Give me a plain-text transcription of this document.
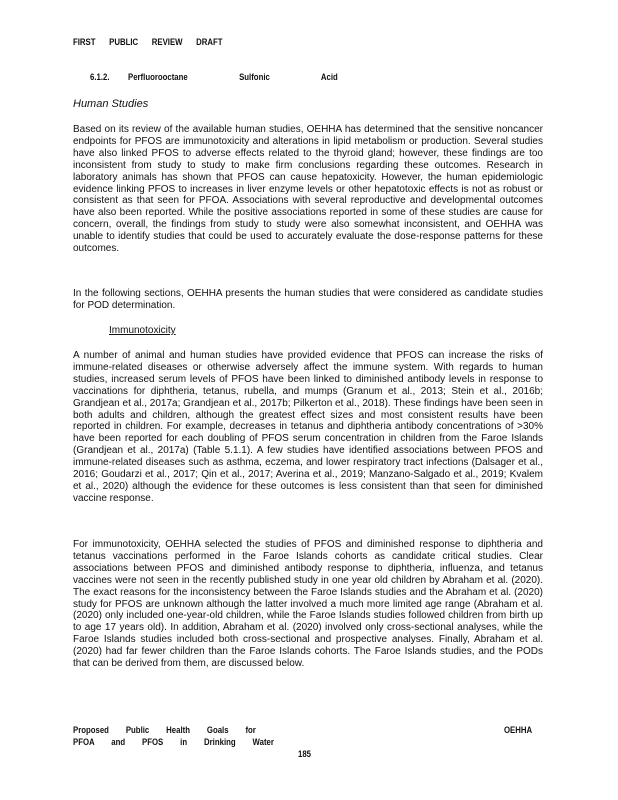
FIRST PUBLIC REVIEW DRAFT
6.1.2. Perfluorooctane Sulfonic Acid
Human Studies

Based on its review of the available human studies, OEHHA has determined that the sensitive noncancer endpoints for PFOS are immunotoxicity and alterations in lipid metabolism or production. Several studies have also linked PFOS to adverse effects related to the thyroid gland; however, these findings are too inconsistent from study to study to make firm conclusions regarding these outcomes. Research in laboratory animals has shown that PFOS can cause hepatoxicity. However, the human epidemiologic evidence linking PFOS to increases in liver enzyme levels or other hepatotoxic effects is not as robust or consistent as that seen for PFOA. Associations with several reproductive and developmental outcomes have also been reported. While the positive associations reported in some of these studies are cause for concern, overall, the findings from study to study were also somewhat inconsistent, and OEHHA was unable to identify studies that could be used to accurately evaluate the dose-response patterns for these outcomes.

In the following sections, OEHHA presents the human studies that were considered as candidate studies for POD determination.

Immunotoxicity

A number of animal and human studies have provided evidence that PFOS can increase the risks of immune-related diseases or otherwise adversely affect the immune system. With regards to human studies, increased serum levels of PFOS have been linked to diminished antibody levels in response to vaccinations for diphtheria, tetanus, rubella, and mumps (Granum et al., 2013; Stein et al., 2016b; Grandjean et al., 2017a; Grandjean et al., 2017b; Pilkerton et al., 2018). These findings have been seen in both adults and children, although the greatest effect sizes and most consistent results have been reported in children. For example, decreases in tetanus and diphtheria antibody concentrations of >30% have been reported for each doubling of PFOS serum concentration in children from the Faroe Islands (Grandjean et al., 2017a) (Table 5.1.1). A few studies have identified associations between PFOS and immune-related diseases such as asthma, eczema, and lower respiratory tract infections (Dalsager et al., 2016; Goudarzi et al., 2017; Qin et al., 2017; Averina et al., 2019; Manzano-Salgado et al., 2019; Kvalem et al., 2020) although the evidence for these outcomes is less consistent than that seen for diminished vaccine response.

For immunotoxicity, OEHHA selected the studies of PFOS and diminished response to diphtheria and tetanus vaccinations performed in the Faroe Islands cohorts as candidate critical studies. Clear associations between PFOS and diminished antibody response to diphtheria, influenza, and tetanus vaccines were not seen in the recently published study in one year old children by Abraham et al. (2020). The exact reasons for the inconsistency between the Faroe Islands studies and the Abraham et al. (2020) study for PFOS are unknown although the latter involved a much more limited age range (Abraham et al. (2020) only included one-year-old children, while the Faroe Islands studies followed children from birth up to age 17 years old). In addition, Abraham et al. (2020) involved only cross-sectional analyses, while the Faroe Islands studies included both cross-sectional and prospective analyses. Finally, Abraham et al. (2020) had far fewer children than the Faroe Islands cohorts. The Faroe Islands studies, and the PODs that can be derived from them, are discussed below.

Proposed Public Health Goals for
PFOA and PFOS in Drinking Water
OEHHA
185
